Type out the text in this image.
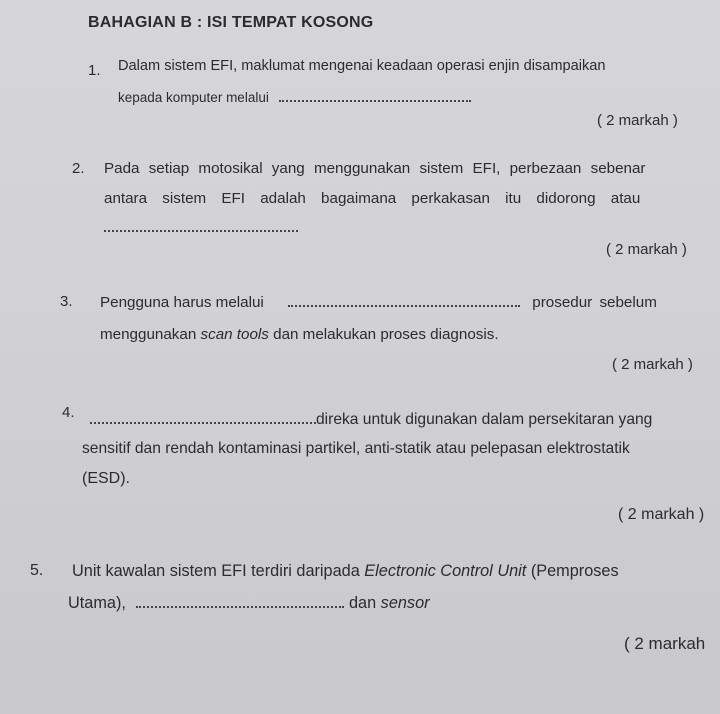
BAHAGIAN B : ISI TEMPAT KOSONG
1. Dalam sistem EFI, maklumat mengenai keadaan operasi enjin disampaikan
kepada komputer melalui
( 2 markah )
2. Pada setiap motosikal yang menggunakan sistem EFI, perbezaan sebenar
antara sistem EFI adalah bagaimana perkakasan itu didorong atau
( 2 markah )
3. Pengguna harus melalui	prosedur sebelum
menggunakan scan tools dan melakukan proses diagnosis.
( 2 markah )
4.	direka untuk digunakan dalam persekitaran yang
sensitif dan rendah kontaminasi partikel, anti-statik atau pelepasan elektrostatik
(ESD).
( 2 markah )
5. Unit kawalan sistem EFI terdiri daripada Electronic Control Unit (Pemproses
Utama),	dan sensor
( 2 markah
